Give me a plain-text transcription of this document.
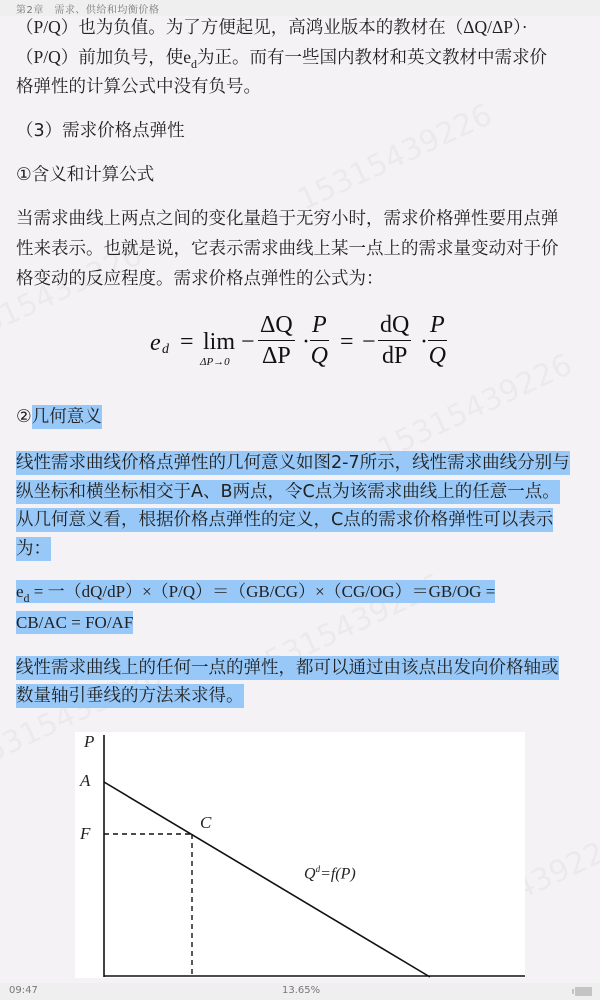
第2章　需求、供给和均衡价格
（P/Q）也为负值。为了方便起见，高鸿业版本的教材在（ΔQ/ΔP）·
（P/Q）前加负号，使$e_d$为正。而有一些国内教材和英文教材中需求价
格弹性的计算公式中没有负号。
（3）需求价格点弹性
①含义和计算公式
当需求曲线上两点之间的变化量趋于无穷小时，需求价格弹性要用点弹
性来表示。也就是说，它表示需求曲线上某一点上的需求量变动对于价
格变动的反应程度。需求价格点弹性的公式为：
e d = lim
ΔP→0
− $\frac{\Delta Q}{\Delta P} \cdot \frac{P}{Q}$ = − $\frac{dQ}{dP} \cdot \frac{P}{Q}$
②几何意义
线性需求曲线价格点弹性的几何意义如图2-7所示，线性需求曲线分别与
纵坐标和横坐标相交于A、B两点，令C点为该需求曲线上的任意一点。
从几何意义看，根据价格点弹性的定义，C点的需求价格弹性可以表示
为：
$e_d$ = 一（dQ/dP）×（P/Q）＝（GB/CG）×（CG/OG）＝GB/OG =
CB/AC = FO/AF
线性需求曲线上的任何一点的弹性，都可以通过由该点出发向价格轴或
数量轴引垂线的方法来求得。
P
A
F
C
$Q^d=f(P)$
09:47	13.65%
